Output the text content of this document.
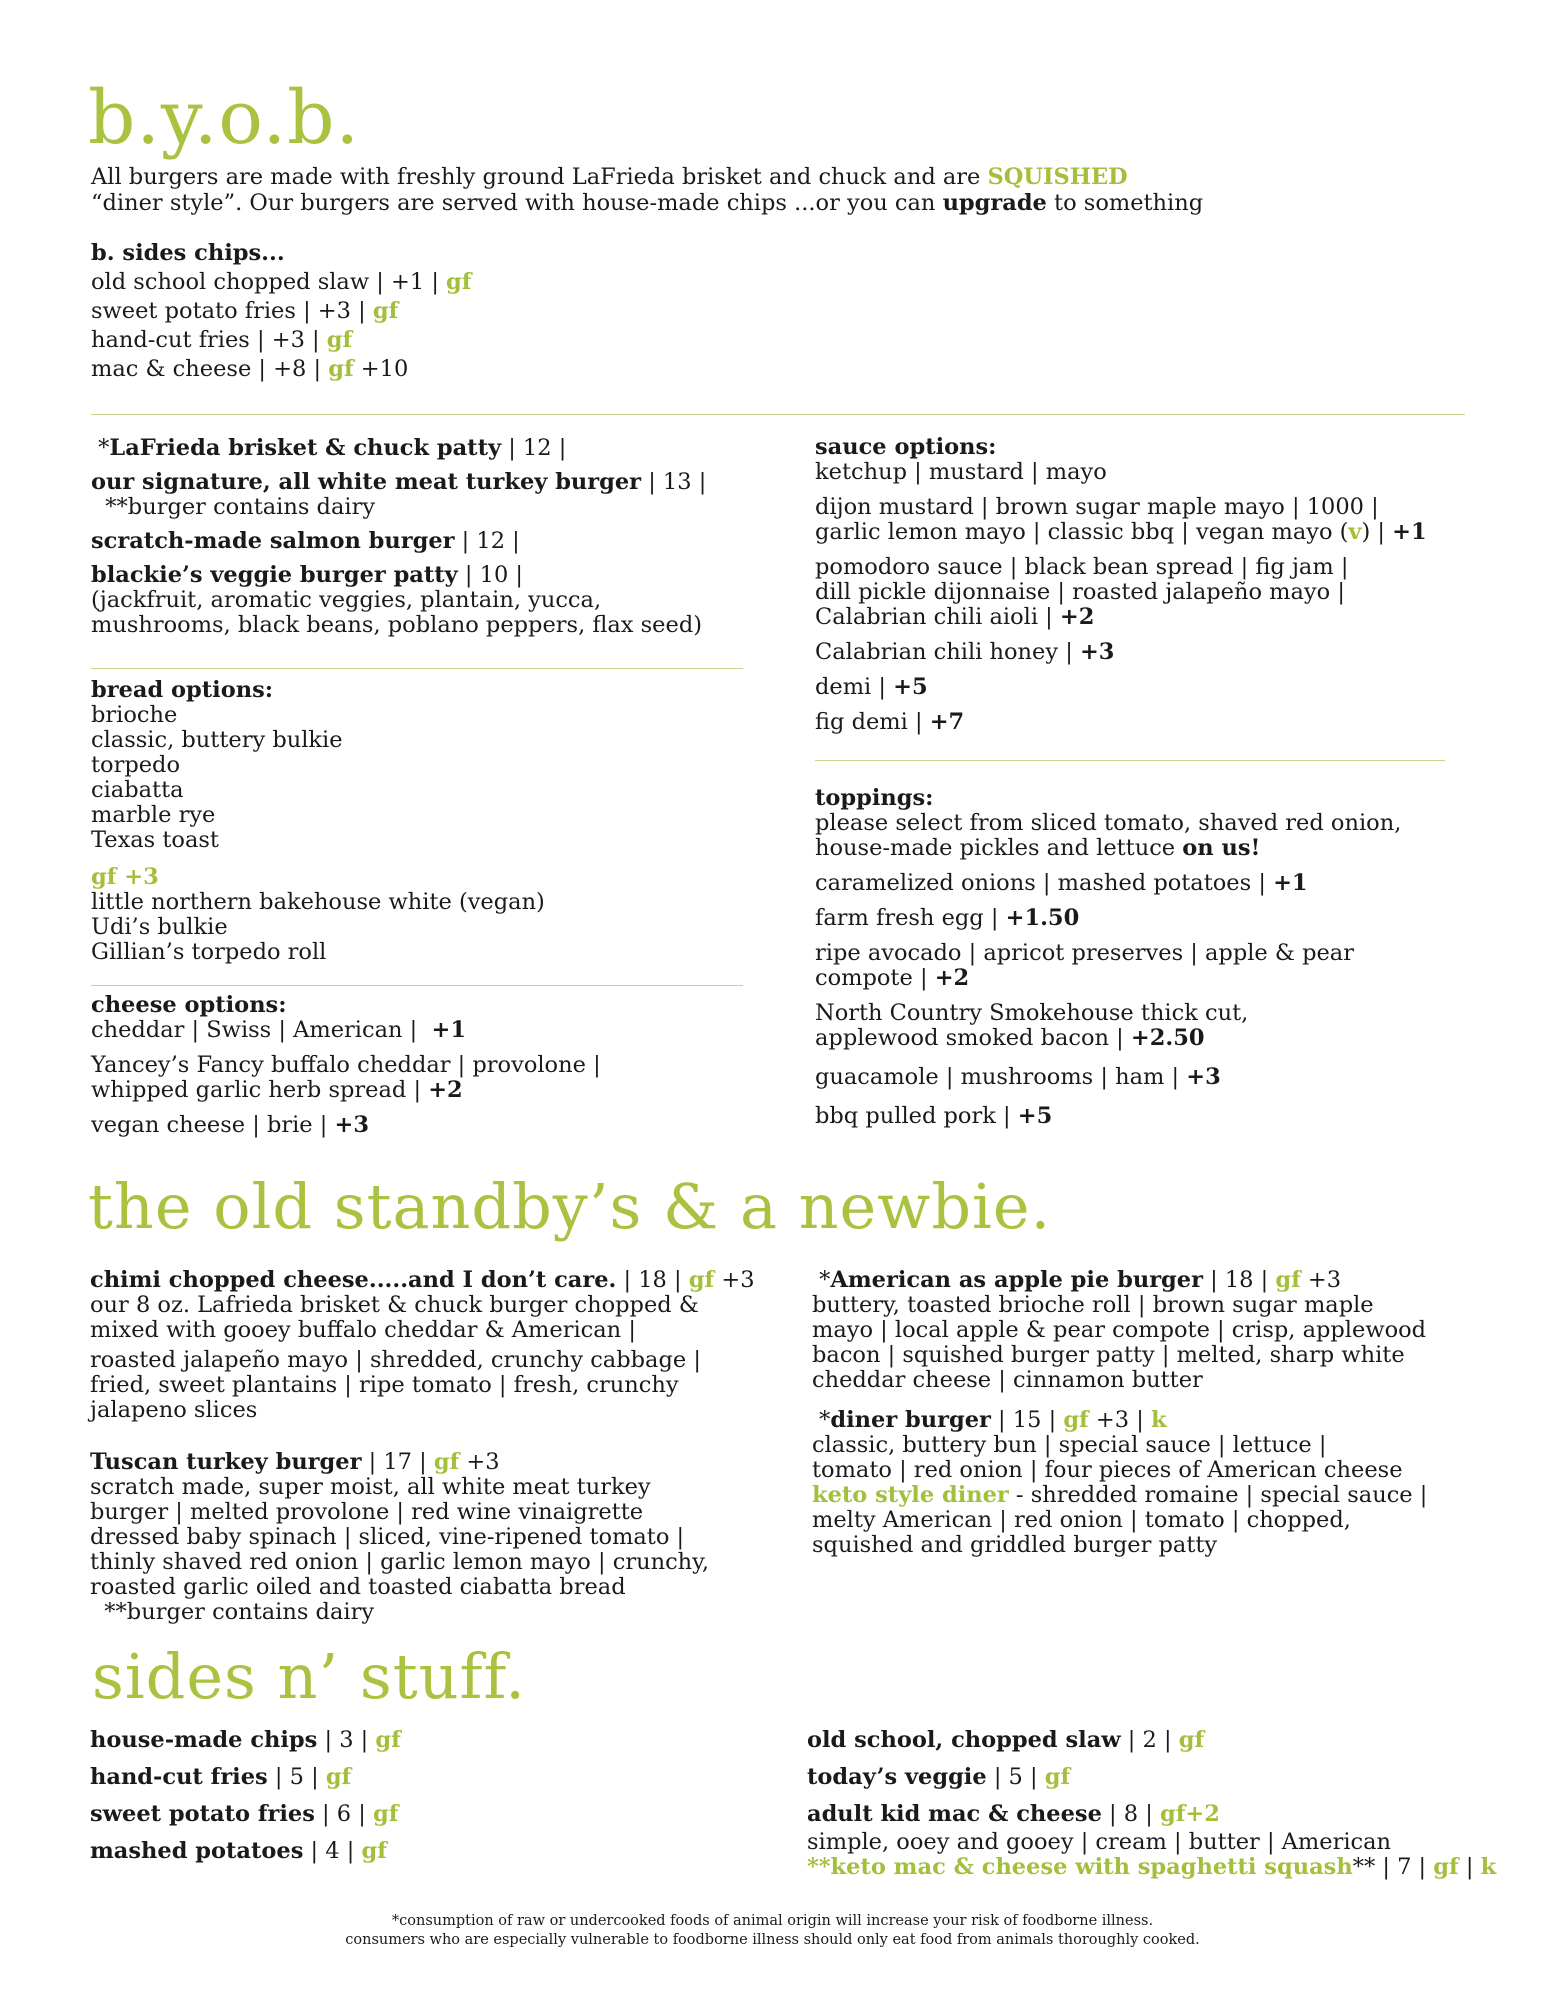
b.y.o.b.
All burgers are made with freshly ground LaFrieda brisket and chuck and are SQUISHED
“diner style”. Our burgers are served with house-made chips ...or you can upgrade to something
b. sides chips...
old school chopped slaw | +1 | gf
sweet potato fries | +3 | gf
hand-cut fries | +3 | gf
mac & cheese | +8 | gf +10
*LaFrieda brisket & chuck patty | 12 |
our signature, all white meat turkey burger | 13 |
**burger contains dairy
scratch-made salmon burger | 12 |
blackie’s veggie burger patty | 10 |
(jackfruit, aromatic veggies, plantain, yucca,
mushrooms, black beans, poblano peppers, flax seed)
bread options:
brioche
classic, buttery bulkie
torpedo
ciabatta
marble rye
Texas toast
gf +3
little northern bakehouse white (vegan)
Udi’s bulkie
Gillian’s torpedo roll
cheese options:
cheddar | Swiss | American |  +1
Yancey’s Fancy buffalo cheddar | provolone |
whipped garlic herb spread | +2
vegan cheese | brie | +3
sauce options:
ketchup | mustard | mayo
dijon mustard | brown sugar maple mayo | 1000 |
garlic lemon mayo | classic bbq | vegan mayo (v) | +1
pomodoro sauce | black bean spread | fig jam |
dill pickle dijonnaise | roasted jalapeño mayo |
Calabrian chili aioli | +2
Calabrian chili honey | +3
demi | +5
fig demi | +7
toppings:
please select from sliced tomato, shaved red onion,
house-made pickles and lettuce on us!
caramelized onions | mashed potatoes | +1
farm fresh egg | +1.50
ripe avocado | apricot preserves | apple & pear
compote | +2
North Country Smokehouse thick cut,
applewood smoked bacon | +2.50
guacamole | mushrooms | ham | +3
bbq pulled pork | +5
the old standby’s & a newbie.
chimi chopped cheese.....and I don’t care. | 18 | gf +3
our 8 oz. Lafrieda brisket & chuck burger chopped &
mixed with gooey buffalo cheddar & American |
roasted jalapeño mayo | shredded, crunchy cabbage |
fried, sweet plantains | ripe tomato | fresh, crunchy
jalapeno slices
Tuscan turkey burger | 17 | gf +3
scratch made, super moist, all white meat turkey
burger | melted provolone | red wine vinaigrette
dressed baby spinach | sliced, vine-ripened tomato |
thinly shaved red onion | garlic lemon mayo | crunchy,
roasted garlic oiled and toasted ciabatta bread
**burger contains dairy
*American as apple pie burger | 18 | gf +3
buttery, toasted brioche roll | brown sugar maple
mayo | local apple & pear compote | crisp, applewood
bacon | squished burger patty | melted, sharp white
cheddar cheese | cinnamon butter
*diner burger | 15 | gf +3 | k
classic, buttery bun | special sauce | lettuce |
tomato | red onion | four pieces of American cheese
keto style diner - shredded romaine | special sauce |
melty American | red onion | tomato | chopped,
squished and griddled burger patty
sides n’ stuff.
house-made chips | 3 | gf
hand-cut fries | 5 | gf
sweet potato fries | 6 | gf
mashed potatoes | 4 | gf
old school, chopped slaw | 2 | gf
today’s veggie | 5 | gf
adult kid mac & cheese | 8 | gf+2
simple, ooey and gooey | cream | butter | American
**keto mac & cheese with spaghetti squash** | 7 | gf | k
*consumption of raw or undercooked foods of animal origin will increase your risk of foodborne illness.
consumers who are especially vulnerable to foodborne illness should only eat food from animals thoroughly cooked.
